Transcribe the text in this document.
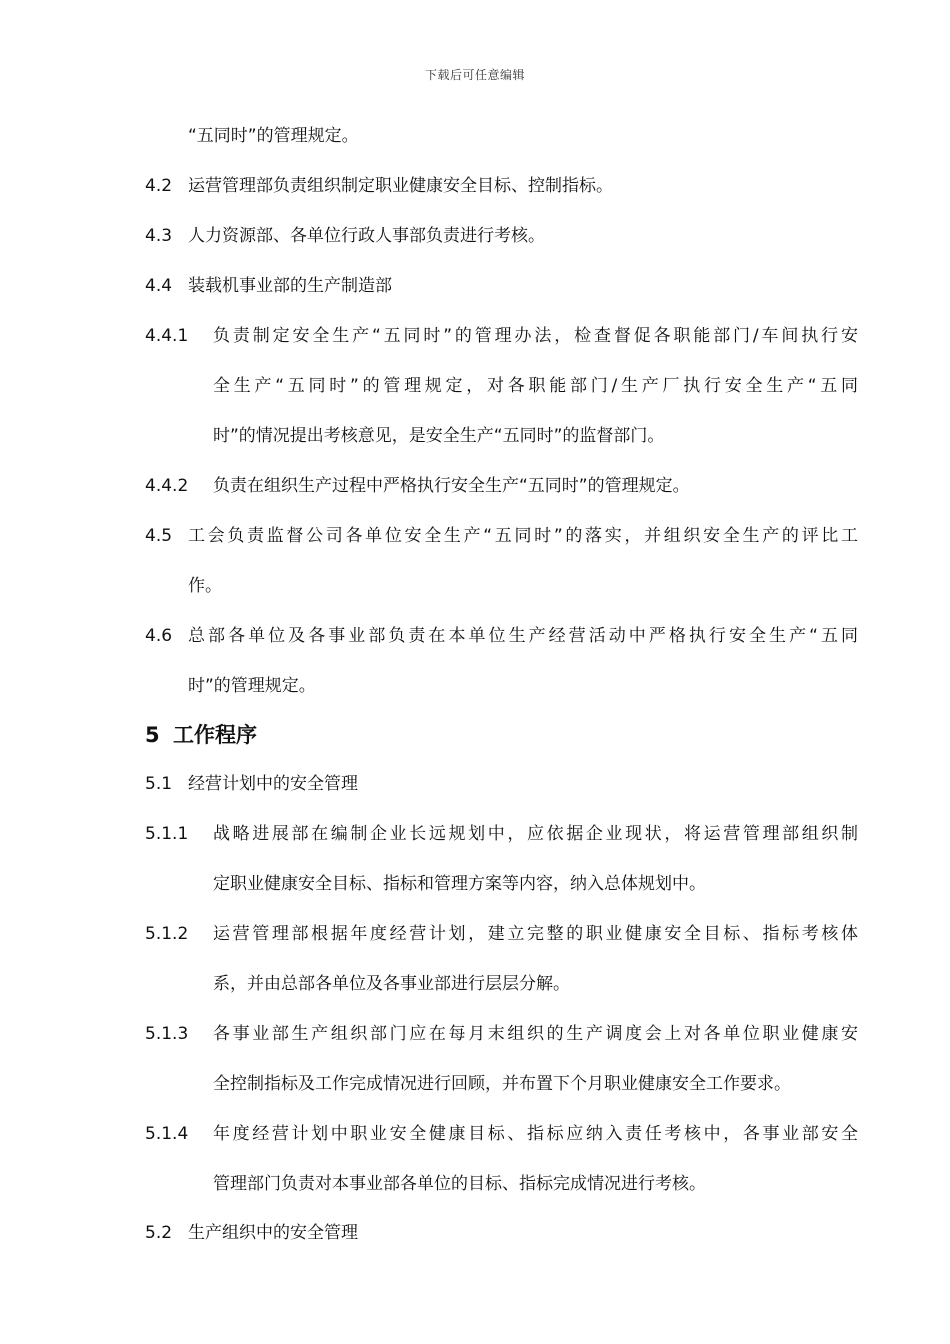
下载后可任意编辑
“五同时”的管理规定。
4.2 运营管理部负责组织制定职业健康安全目标、控制指标。
4.3 人力资源部、各单位行政人事部负责进行考核。
4.4 装载机事业部的生产制造部
4.4.1 负责制定安全生产“五同时”的管理办法，检查督促各职能部门/车间执行安
全生产“五同时”的管理规定，对各职能部门/生产厂执行安全生产“五同
时”的情况提出考核意见，是安全生产“五同时”的监督部门。
4.4.2 负责在组织生产过程中严格执行安全生产“五同时”的管理规定。
4.5 工会负责监督公司各单位安全生产“五同时”的落实，并组织安全生产的评比工
作。
4.6 总部各单位及各事业部负责在本单位生产经营活动中严格执行安全生产“五同
时”的管理规定。
5 工作程序
5.1 经营计划中的安全管理
5.1.1 战略进展部在编制企业长远规划中，应依据企业现状，将运营管理部组织制
定职业健康安全目标、指标和管理方案等内容，纳入总体规划中。
5.1.2 运营管理部根据年度经营计划，建立完整的职业健康安全目标、指标考核体
系，并由总部各单位及各事业部进行层层分解。
5.1.3 各事业部生产组织部门应在每月末组织的生产调度会上对各单位职业健康安
全控制指标及工作完成情况进行回顾，并布置下个月职业健康安全工作要求。
5.1.4 年度经营计划中职业安全健康目标、指标应纳入责任考核中，各事业部安全
管理部门负责对本事业部各单位的目标、指标完成情况进行考核。
5.2 生产组织中的安全管理
